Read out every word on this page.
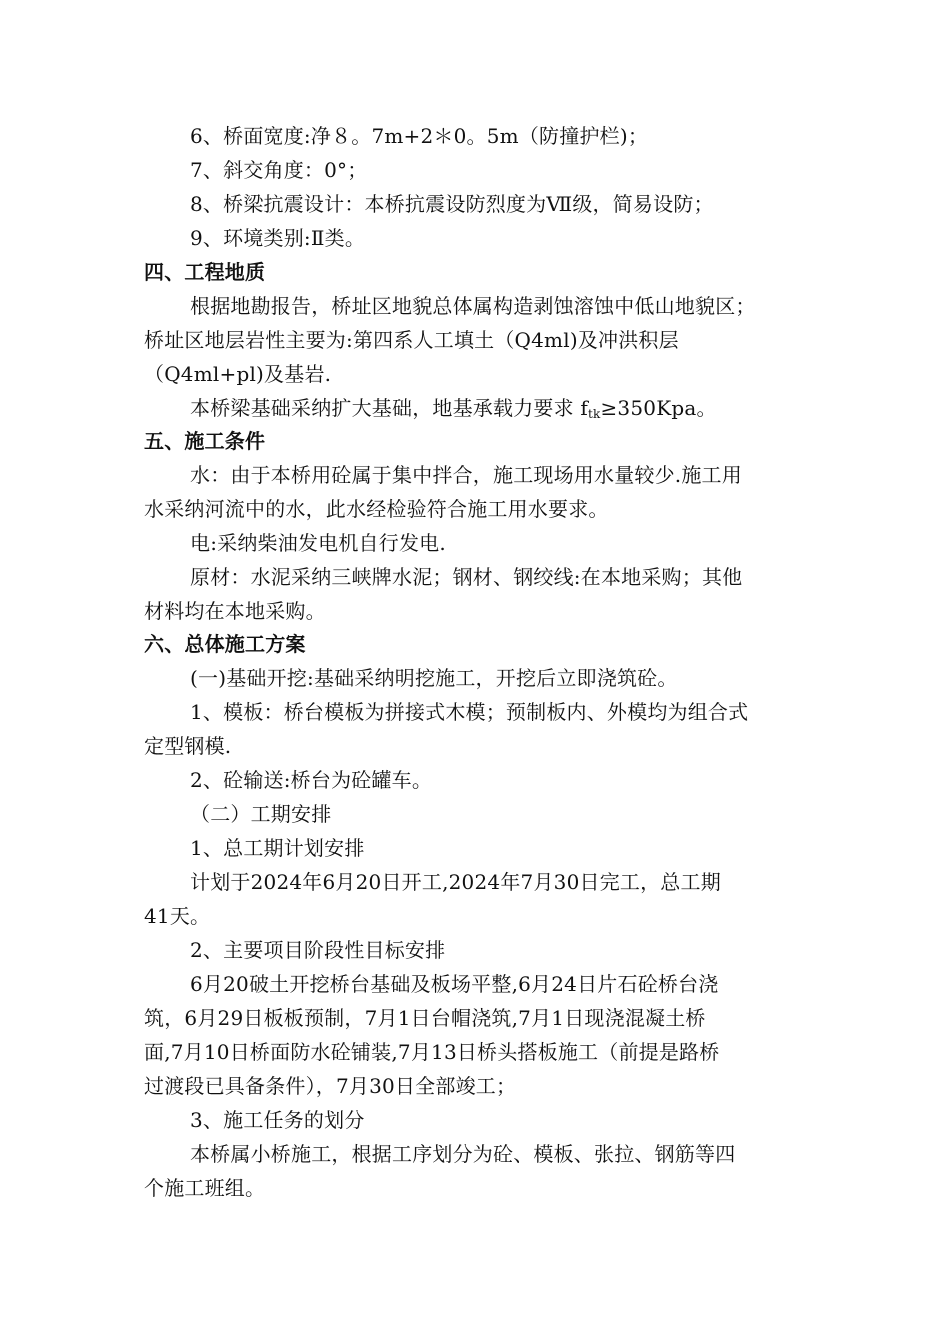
6、桥面宽度:净８。7m+2＊0。5m（防撞护栏)；
7、斜交角度：0°；
8、桥梁抗震设计：本桥抗震设防烈度为Ⅶ级，简易设防；
9、环境类别:Ⅱ类。
四、工程地质
根据地勘报告，桥址区地貌总体属构造剥蚀溶蚀中低山地貌区；
桥址区地层岩性主要为:第四系人工填土（Q4ml)及冲洪积层
（Q4ml+pl)及基岩.
本桥梁基础采纳扩大基础，地基承载力要求 $f_{tk}\ge 350Kpa$。
五、施工条件
水：由于本桥用砼属于集中拌合，施工现场用水量较少.施工用
水采纳河流中的水，此水经检验符合施工用水要求。
电:采纳柴油发电机自行发电.
原材：水泥采纳三峡牌水泥；钢材、钢绞线:在本地采购；其他
材料均在本地采购。
六、总体施工方案
(一)基础开挖:基础采纳明挖施工，开挖后立即浇筑砼。
1、模板：桥台模板为拼接式木模；预制板内、外模均为组合式
定型钢模.
2、砼输送:桥台为砼罐车。
（二）工期安排
1、总工期计划安排
计划于2024年6月20日开工,2024年7月30日完工，总工期
41天。
2、主要项目阶段性目标安排
6月20破土开挖桥台基础及板场平整,6月24日片石砼桥台浇
筑，6月29日板板预制，7月1日台帽浇筑,7月1日现浇混凝土桥
面,7月10日桥面防水砼铺装,7月13日桥头搭板施工（前提是路桥
过渡段已具备条件），7月30日全部竣工；
3、施工任务的划分
本桥属小桥施工，根据工序划分为砼、模板、张拉、钢筋等四
个施工班组。
